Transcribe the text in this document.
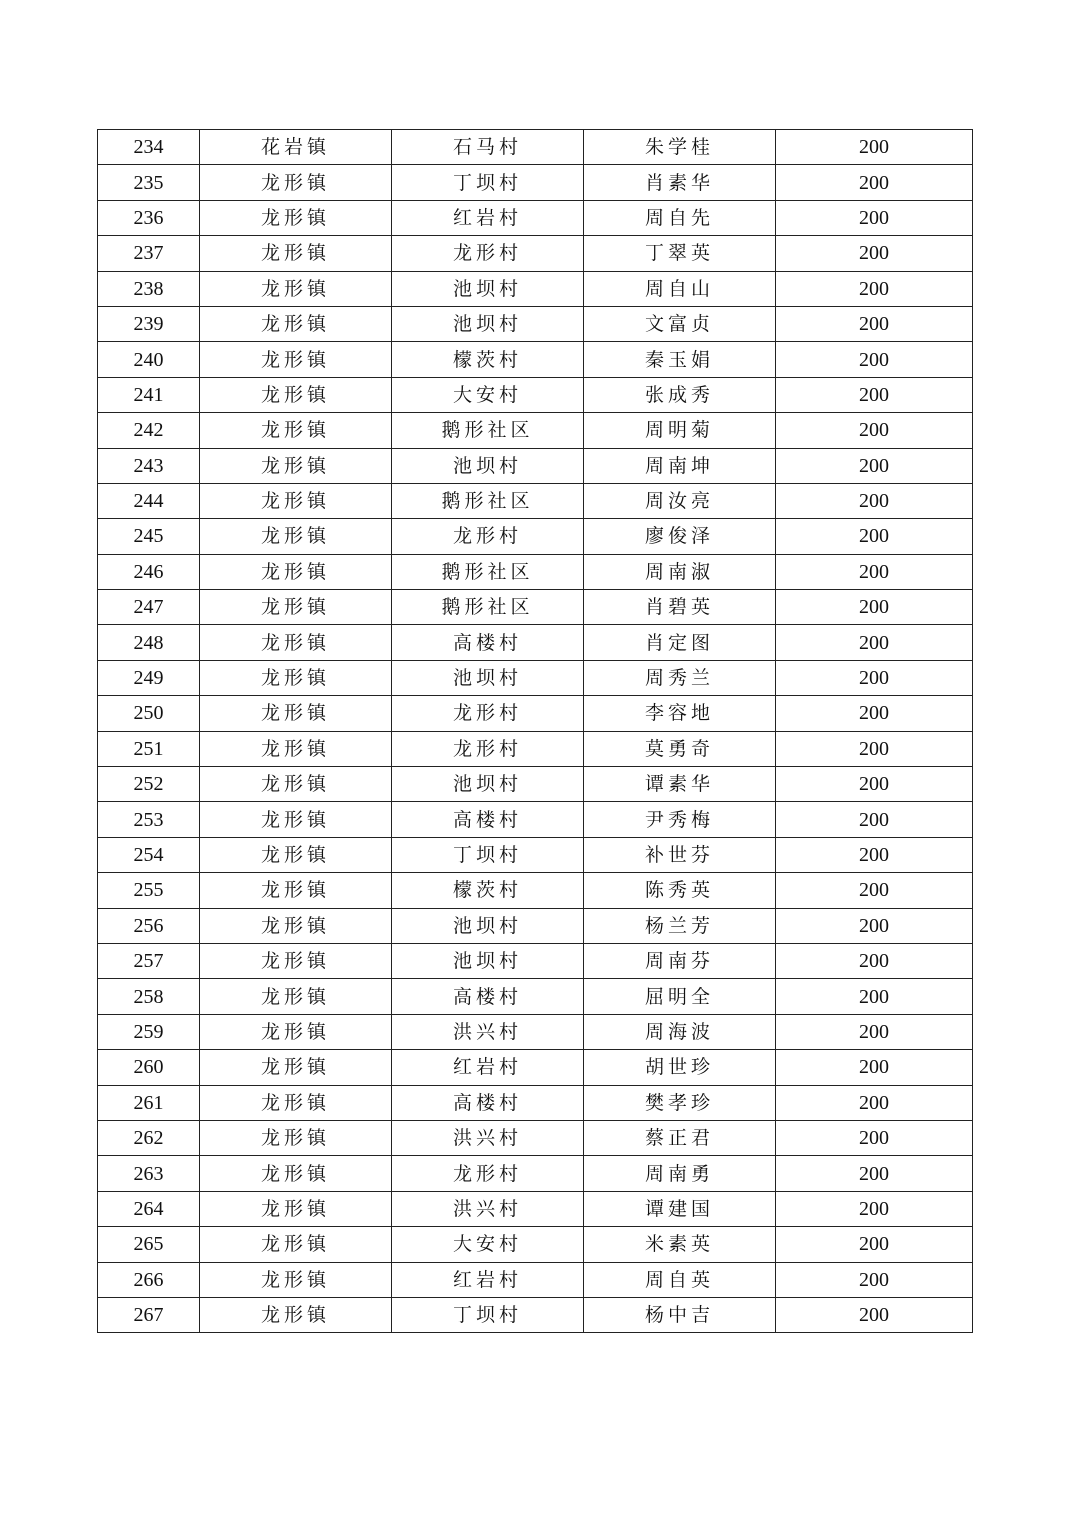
234	花岩镇	石马村	朱学桂	200
235	龙形镇	丁坝村	肖素华	200
236	龙形镇	红岩村	周自先	200
237	龙形镇	龙形村	丁翠英	200
238	龙形镇	池坝村	周自山	200
239	龙形镇	池坝村	文富贞	200
240	龙形镇	檬茨村	秦玉娟	200
241	龙形镇	大安村	张成秀	200
242	龙形镇	鹅形社区	周明菊	200
243	龙形镇	池坝村	周南坤	200
244	龙形镇	鹅形社区	周汝亮	200
245	龙形镇	龙形村	廖俊泽	200
246	龙形镇	鹅形社区	周南淑	200
247	龙形镇	鹅形社区	肖碧英	200
248	龙形镇	高楼村	肖定图	200
249	龙形镇	池坝村	周秀兰	200
250	龙形镇	龙形村	李容地	200
251	龙形镇	龙形村	莫勇奇	200
252	龙形镇	池坝村	谭素华	200
253	龙形镇	高楼村	尹秀梅	200
254	龙形镇	丁坝村	补世芬	200
255	龙形镇	檬茨村	陈秀英	200
256	龙形镇	池坝村	杨兰芳	200
257	龙形镇	池坝村	周南芬	200
258	龙形镇	高楼村	屈明全	200
259	龙形镇	洪兴村	周海波	200
260	龙形镇	红岩村	胡世珍	200
261	龙形镇	高楼村	樊孝珍	200
262	龙形镇	洪兴村	蔡正君	200
263	龙形镇	龙形村	周南勇	200
264	龙形镇	洪兴村	谭建国	200
265	龙形镇	大安村	米素英	200
266	龙形镇	红岩村	周自英	200
267	龙形镇	丁坝村	杨中吉	200
